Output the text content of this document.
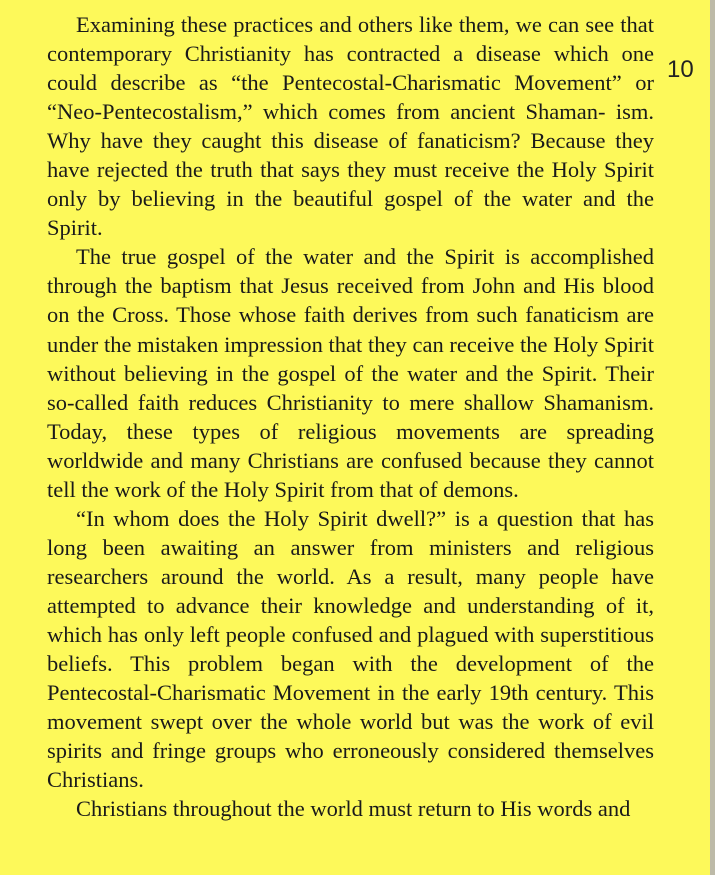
10

Examining these practices and others like them, we can see that contemporary Christianity has contracted a disease which one could describe as “the Pentecostal-Charismatic Movement” or “Neo-Pentecostalism,” which comes from ancient Shaman- ism. Why have they caught this disease of fanaticism? Because they have rejected the truth that says they must receive the Holy Spirit only by believing in the beautiful gospel of the water and the Spirit.

The true gospel of the water and the Spirit is accomplished through the baptism that Jesus received from John and His blood on the Cross. Those whose faith derives from such fanaticism are under the mistaken impression that they can receive the Holy Spirit without believing in the gospel of the water and the Spirit. Their so-called faith reduces Christianity to mere shallow Shamanism. Today, these types of religious movements are spreading worldwide and many Christians are confused because they cannot tell the work of the Holy Spirit from that of demons.

“In whom does the Holy Spirit dwell?” is a question that has long been awaiting an answer from ministers and religious researchers around the world. As a result, many people have attempted to advance their knowledge and understanding of it, which has only left people confused and plagued with superstitious beliefs. This problem began with the development of the Pentecostal-Charismatic Movement in the early 19th century. This movement swept over the whole world but was the work of evil spirits and fringe groups who erroneously considered themselves Christians.

Christians throughout the world must return to His words and
